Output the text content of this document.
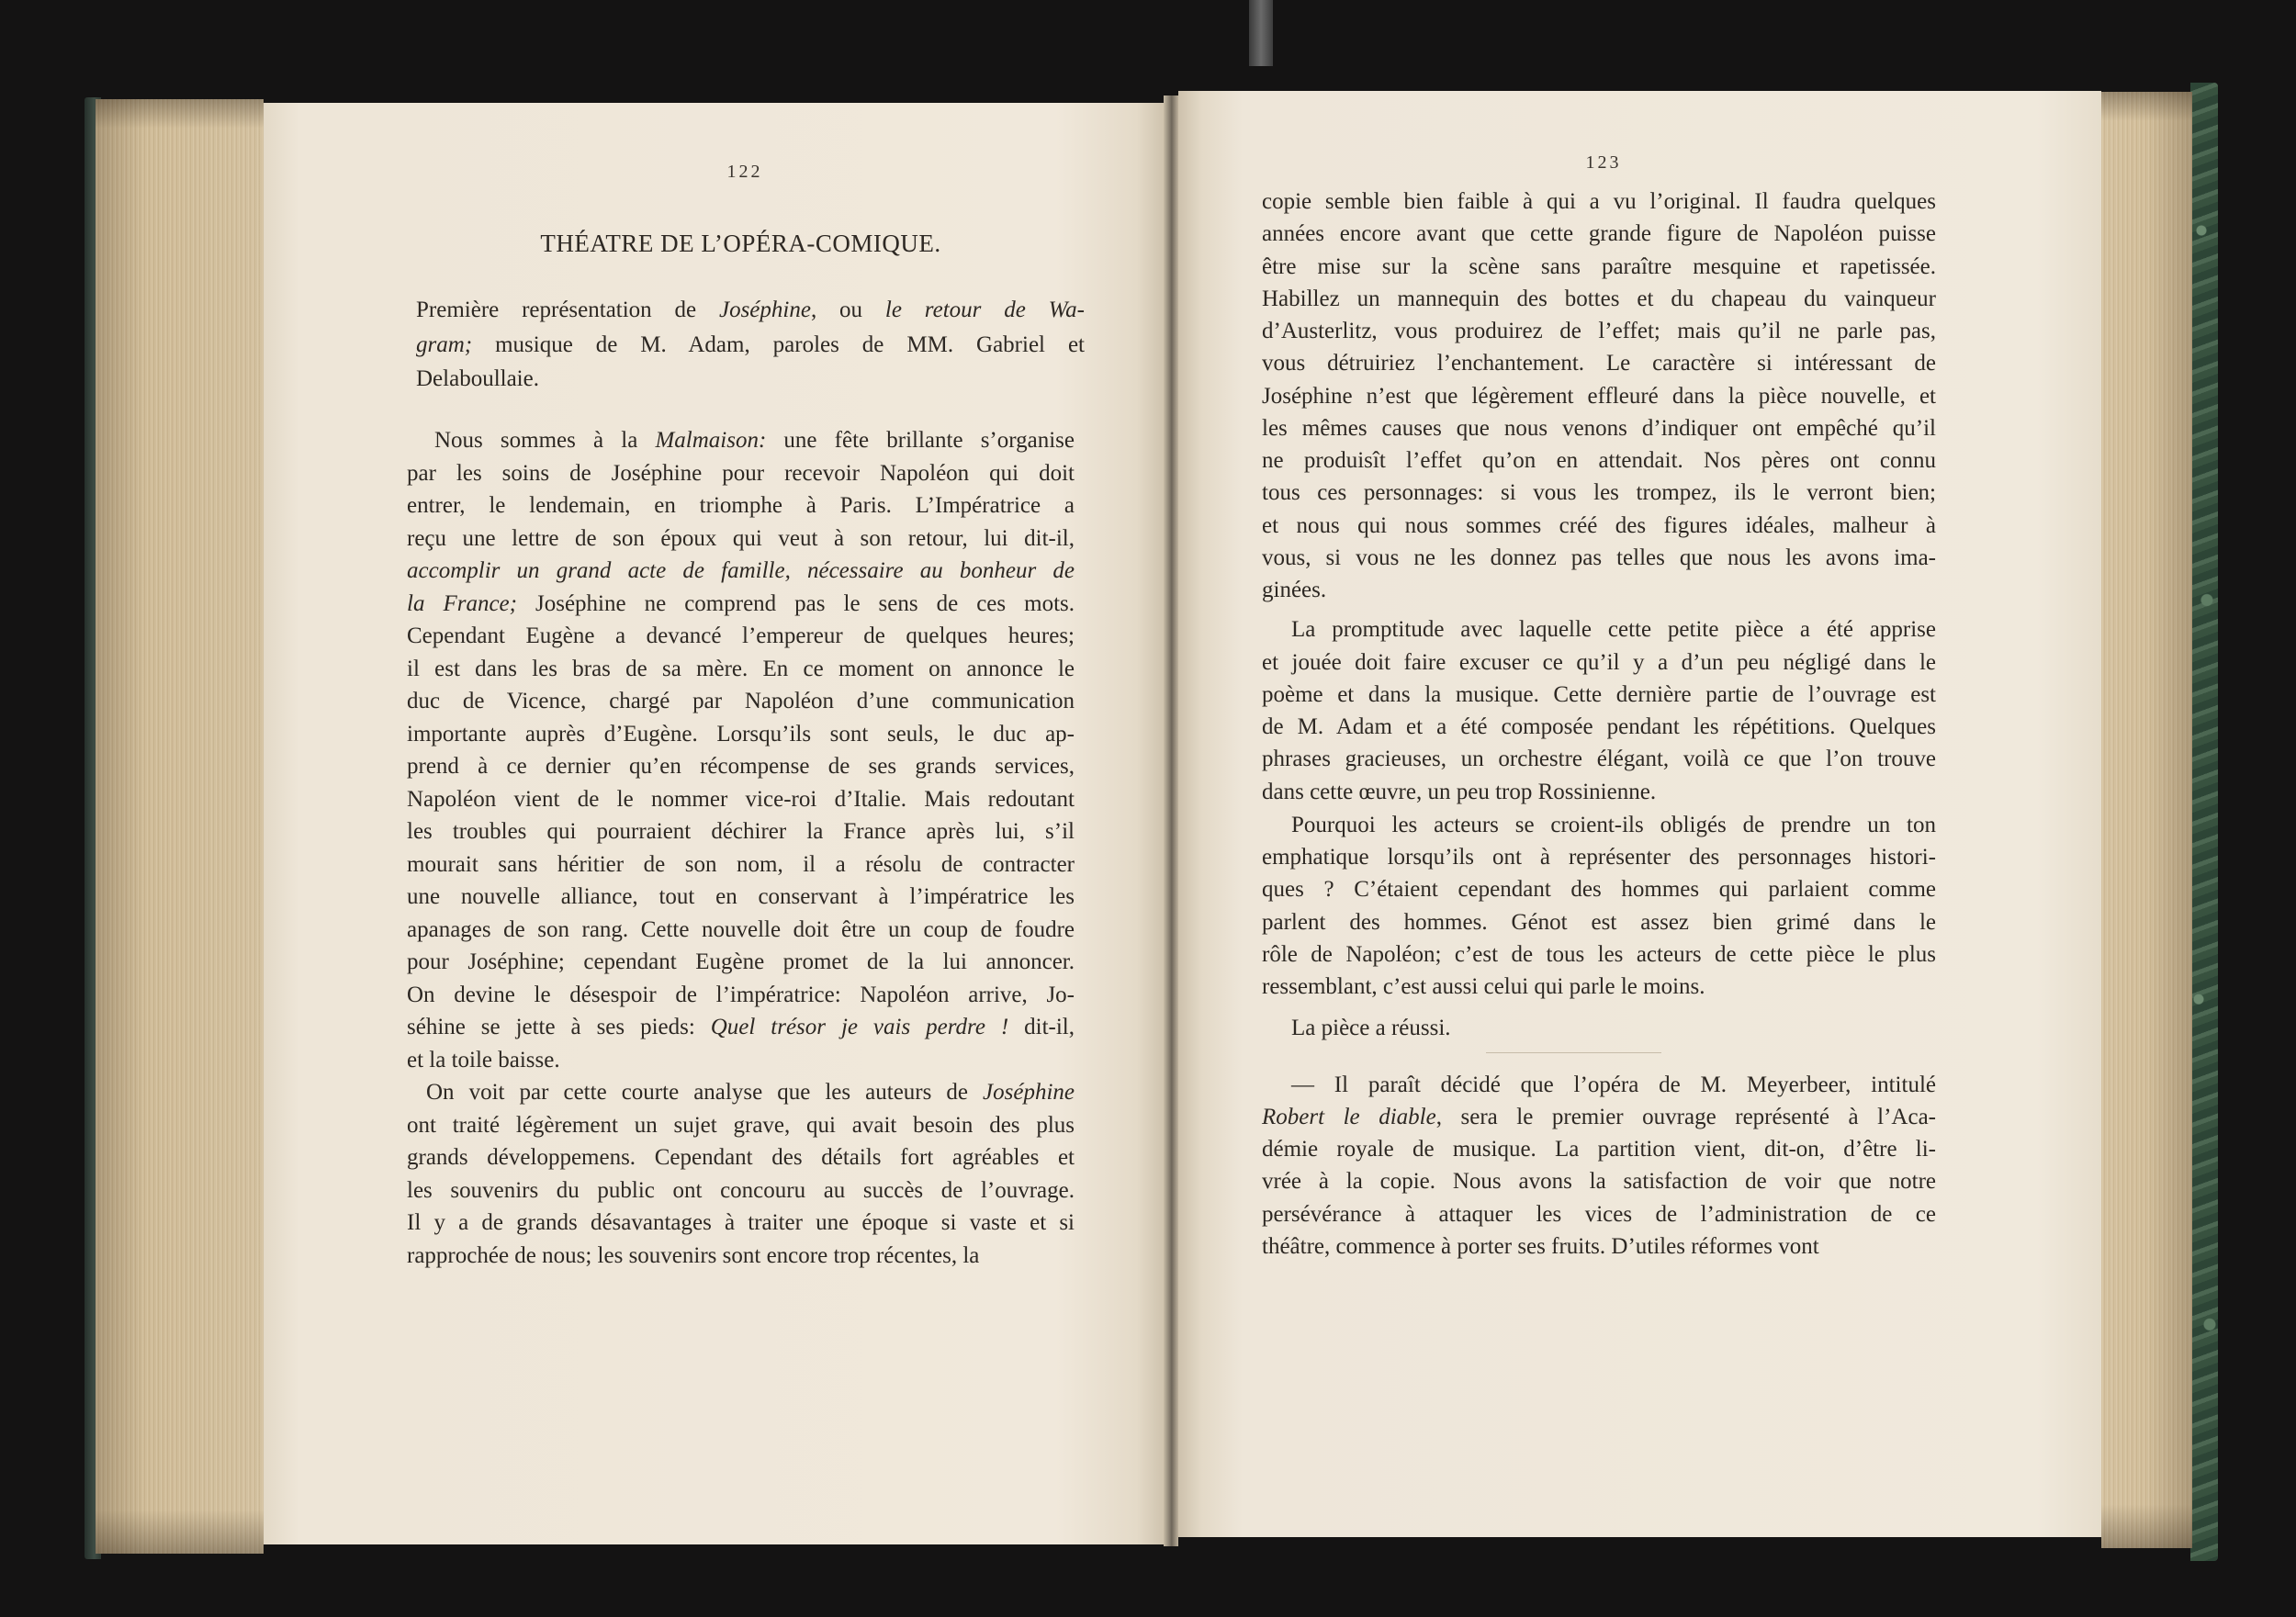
122
THÉATRE DE L’OPÉRA-COMIQUE.
Première représentation de Joséphine, ou le retour de Wa-
gram; musique de M. Adam, paroles de MM. Gabriel et
Delaboullaie.
Nous sommes à la Malmaison: une fête brillante s’organise
par les soins de Joséphine pour recevoir Napoléon qui doit
entrer, le lendemain, en triomphe à Paris. L’Impératrice a
reçu une lettre de son époux qui veut à son retour, lui dit-il,
accomplir un grand acte de famille, nécessaire au bonheur de
la France; Joséphine ne comprend pas le sens de ces mots.
Cependant Eugène a devancé l’empereur de quelques heures;
il est dans les bras de sa mère. En ce moment on annonce le
duc de Vicence, chargé par Napoléon d’une communication
importante auprès d’Eugène. Lorsqu’ils sont seuls, le duc ap-
prend à ce dernier qu’en récompense de ses grands services,
Napoléon vient de le nommer vice-roi d’Italie. Mais redoutant
les troubles qui pourraient déchirer la France après lui, s’il
mourait sans héritier de son nom, il a résolu de contracter
une nouvelle alliance, tout en conservant à l’impératrice les
apanages de son rang. Cette nouvelle doit être un coup de foudre
pour Joséphine; cependant Eugène promet de la lui annoncer.
On devine le désespoir de l’impératrice: Napoléon arrive, Jo-
séhine se jette à ses pieds: Quel trésor je vais perdre ! dit-il,
et la toile baisse.
On voit par cette courte analyse que les auteurs de Joséphine
ont traité légèrement un sujet grave, qui avait besoin des plus
grands développemens. Cependant des détails fort agréables et
les souvenirs du public ont concouru au succès de l’ouvrage.
Il y a de grands désavantages à traiter une époque si vaste et si
rapprochée de nous; les souvenirs sont encore trop récentes, la
123
copie semble bien faible à qui a vu l’original. Il faudra quelques
années encore avant que cette grande figure de Napoléon puisse
être mise sur la scène sans paraître mesquine et rapetissée.
Habillez un mannequin des bottes et du chapeau du vainqueur
d’Austerlitz, vous produirez de l’effet; mais qu’il ne parle pas,
vous détruiriez l’enchantement. Le caractère si intéressant de
Joséphine n’est que légèrement effleuré dans la pièce nouvelle, et
les mêmes causes que nous venons d’indiquer ont empêché qu’il
ne produisît l’effet qu’on en attendait. Nos pères ont connu
tous ces personnages: si vous les trompez, ils le verront bien;
et nous qui nous sommes créé des figures idéales, malheur à
vous, si vous ne les donnez pas telles que nous les avons ima-
ginées.
La promptitude avec laquelle cette petite pièce a été apprise
et jouée doit faire excuser ce qu’il y a d’un peu négligé dans le
poème et dans la musique. Cette dernière partie de l’ouvrage est
de M. Adam et a été composée pendant les répétitions. Quelques
phrases gracieuses, un orchestre élégant, voilà ce que l’on trouve
dans cette œuvre, un peu trop Rossinienne.
Pourquoi les acteurs se croient-ils obligés de prendre un ton
emphatique lorsqu’ils ont à représenter des personnages histori-
ques ? C’étaient cependant des hommes qui parlaient comme
parlent des hommes. Génot est assez bien grimé dans le
rôle de Napoléon; c’est de tous les acteurs de cette pièce le plus
ressemblant, c’est aussi celui qui parle le moins.
La pièce a réussi.
— Il paraît décidé que l’opéra de M. Meyerbeer, intitulé
Robert le diable, sera le premier ouvrage représenté à l’Aca-
démie royale de musique. La partition vient, dit-on, d’être li-
vrée à la copie. Nous avons la satisfaction de voir que notre
persévérance à attaquer les vices de l’administration de ce
théâtre, commence à porter ses fruits. D’utiles réformes vont
